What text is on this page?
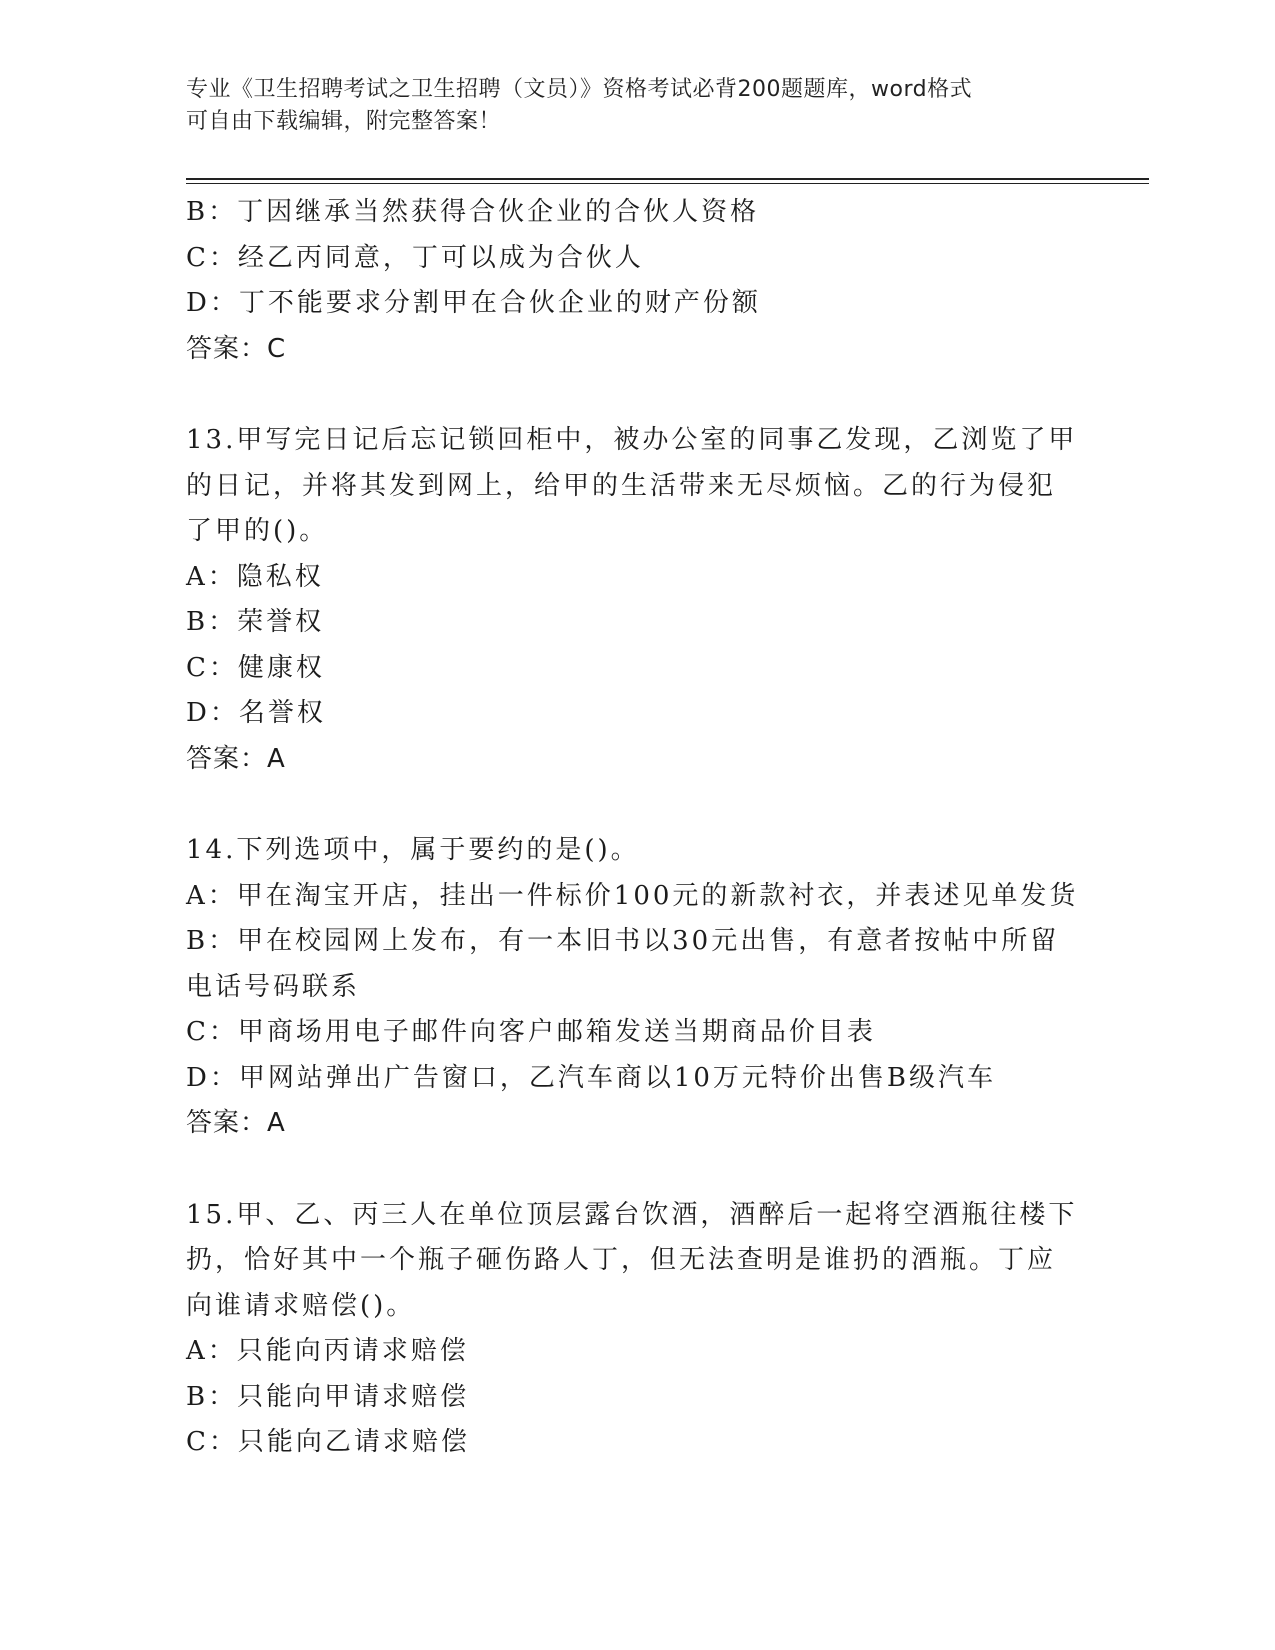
专业《卫生招聘考试之卫生招聘（文员）》资格考试必背200题题库，word格式
可自由下载编辑，附完整答案！
B：丁因继承当然获得合伙企业的合伙人资格
C：经乙丙同意，丁可以成为合伙人
D：丁不能要求分割甲在合伙企业的财产份额
答案：C
13.甲写完日记后忘记锁回柜中，被办公室的同事乙发现，乙浏览了甲
的日记，并将其发到网上，给甲的生活带来无尽烦恼。乙的行为侵犯
了甲的()。
A：隐私权
B：荣誉权
C：健康权
D：名誉权
答案：A
14.下列选项中，属于要约的是()。
A：甲在淘宝开店，挂出一件标价100元的新款衬衣，并表述见单发货
B：甲在校园网上发布，有一本旧书以30元出售，有意者按帖中所留
电话号码联系
C：甲商场用电子邮件向客户邮箱发送当期商品价目表
D：甲网站弹出广告窗口，乙汽车商以10万元特价出售B级汽车
答案：A
15.甲、乙、丙三人在单位顶层露台饮酒，酒醉后一起将空酒瓶往楼下
扔，恰好其中一个瓶子砸伤路人丁，但无法查明是谁扔的酒瓶。丁应
向谁请求赔偿()。
A：只能向丙请求赔偿
B：只能向甲请求赔偿
C：只能向乙请求赔偿
